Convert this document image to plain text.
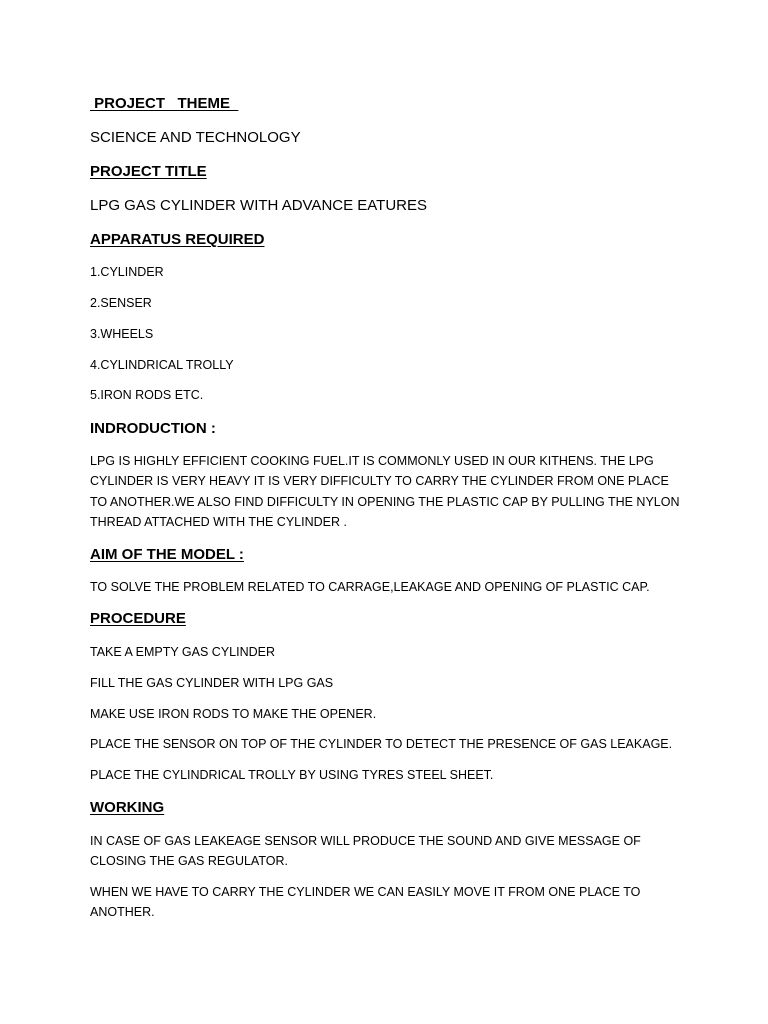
PROJECT   THEME

SCIENCE AND TECHNOLOGY

PROJECT TITLE

LPG GAS CYLINDER WITH ADVANCE EATURES

APPARATUS REQUIRED

1.CYLINDER

2.SENSER

3.WHEELS

4.CYLINDRICAL TROLLY

5.IRON RODS ETC.

INDRODUCTION :

LPG IS HIGHLY EFFICIENT COOKING FUEL.IT IS COMMONLY USED IN OUR KITHENS. THE LPG CYLINDER IS VERY HEAVY IT IS VERY DIFFICULTY TO CARRY THE CYLINDER FROM ONE PLACE TO ANOTHER.WE ALSO FIND DIFFICULTY IN OPENING THE PLASTIC CAP BY PULLING THE NYLON THREAD ATTACHED WITH THE CYLINDER .

AIM OF THE MODEL :

TO SOLVE THE PROBLEM RELATED TO CARRAGE,LEAKAGE AND OPENING OF PLASTIC CAP.

PROCEDURE

TAKE A EMPTY GAS CYLINDER

FILL THE GAS CYLINDER WITH LPG GAS

MAKE USE IRON RODS TO MAKE THE OPENER.

PLACE THE SENSOR ON TOP OF THE CYLINDER TO DETECT THE PRESENCE OF GAS LEAKAGE.

PLACE THE CYLINDRICAL TROLLY BY USING TYRES STEEL SHEET.

WORKING

IN CASE OF GAS LEAKEAGE SENSOR WILL PRODUCE THE SOUND AND GIVE MESSAGE OF CLOSING THE GAS REGULATOR.

WHEN WE HAVE TO CARRY THE CYLINDER WE CAN EASILY MOVE IT FROM ONE PLACE TO ANOTHER.
